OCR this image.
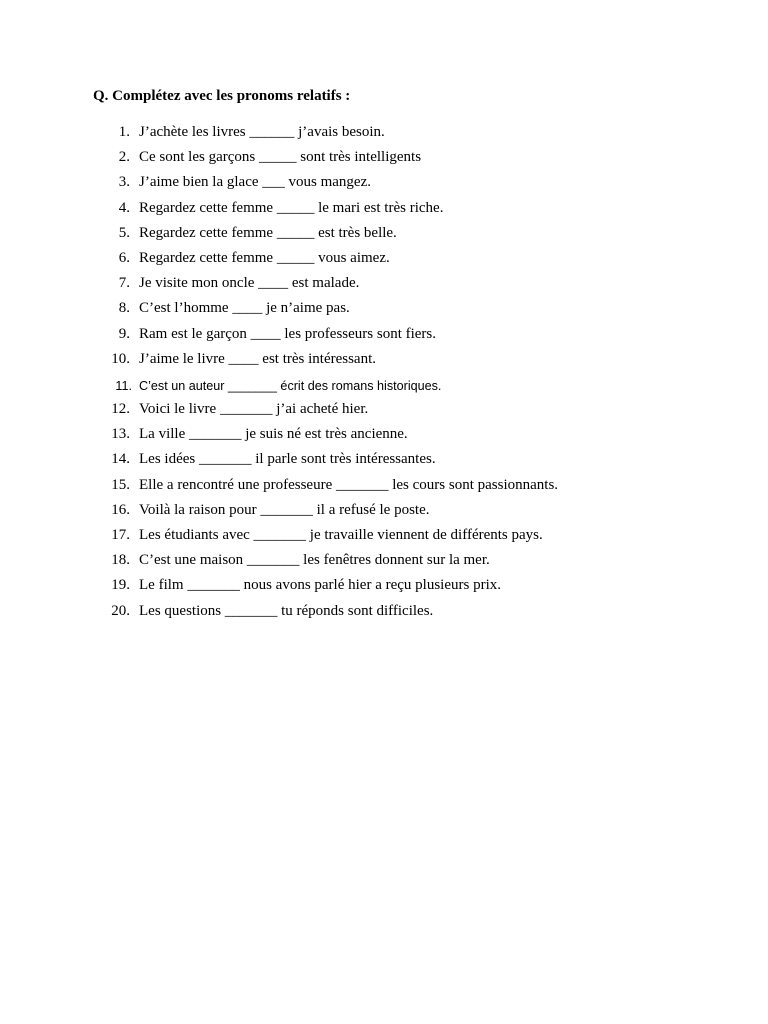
Q. Complétez avec les pronoms relatifs :
1. J’achète les livres ______ j’avais besoin.
2. Ce sont les garçons _____ sont très intelligents
3. J’aime bien la glace ___ vous mangez.
4. Regardez cette femme _____ le mari est très riche.
5. Regardez cette femme _____ est très belle.
6. Regardez cette femme _____ vous aimez.
7. Je visite mon oncle ____ est malade.
8. C’est l’homme ____ je n’aime pas.
9. Ram est le garçon ____ les professeurs sont fiers.
10. J’aime le livre ____ est très intéressant.
11. C’est un auteur _______ écrit des romans historiques.
12. Voici le livre _______ j’ai acheté hier.
13. La ville _______ je suis né est très ancienne.
14. Les idées _______ il parle sont très intéressantes.
15. Elle a rencontré une professeure _______ les cours sont passionnants.
16. Voilà la raison pour _______ il a refusé le poste.
17. Les étudiants avec _______ je travaille viennent de différents pays.
18. C’est une maison _______ les fenêtres donnent sur la mer.
19. Le film _______ nous avons parlé hier a reçu plusieurs prix.
20. Les questions _______ tu réponds sont difficiles.
